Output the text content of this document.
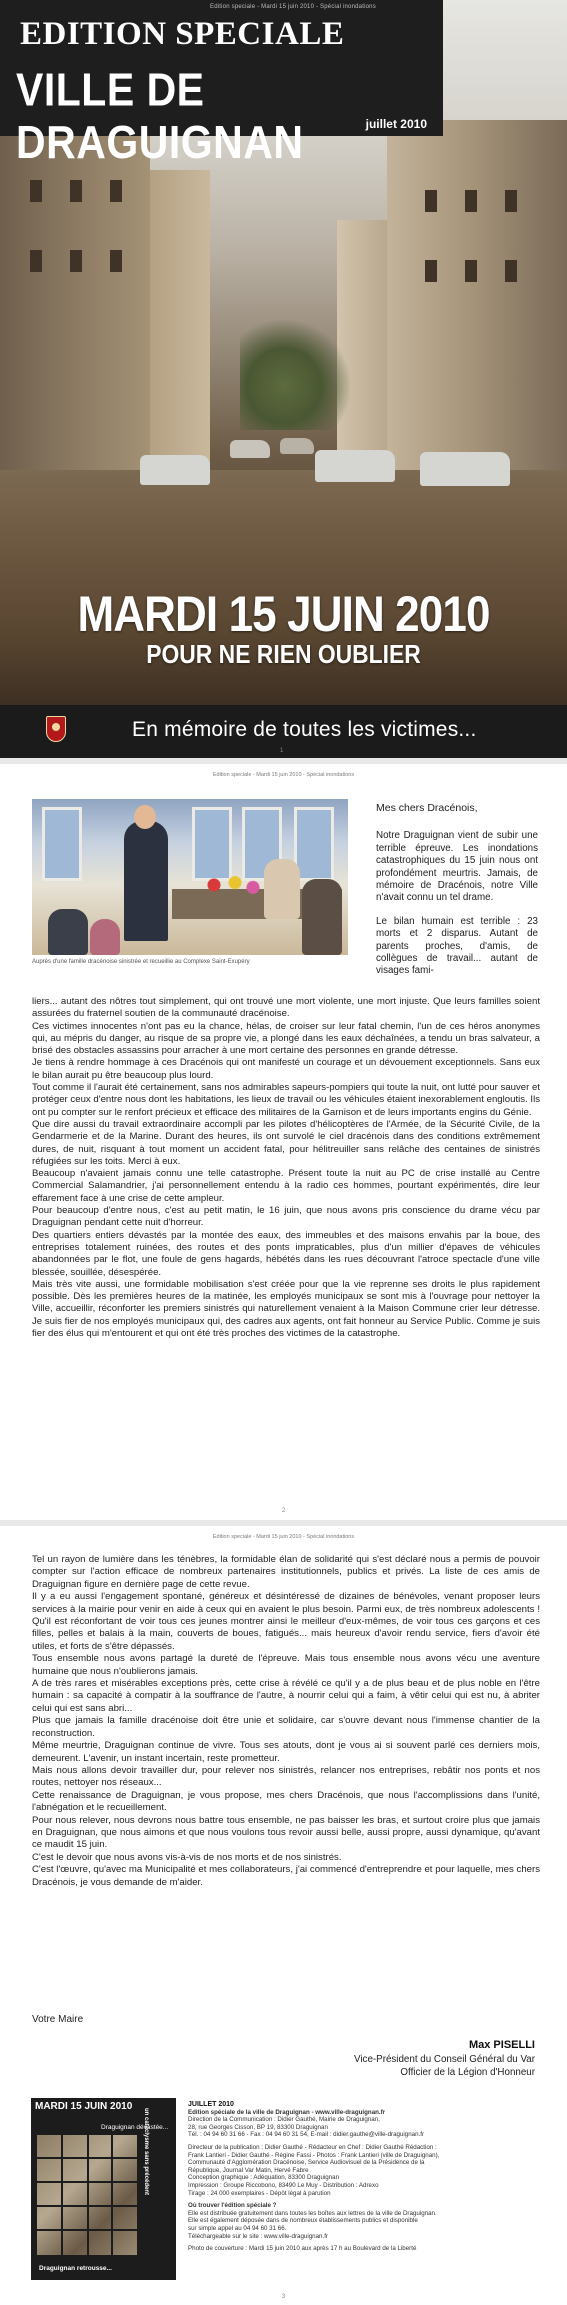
Edition speciale - Mardi 15 juin 2010 - Spécial inondations
EDITION SPECIALE
VILLE DE DRAGUIGNAN	juillet 2010
MARDI 15 JUIN 2010
POUR NE RIEN OUBLIER
En mémoire de toutes les victimes...
1
Edition speciale - Mardi 15 juin 2010 - Spécial inondations
Auprès d'une famille dracénoise sinistrée et recueillie au Complexe Saint-Exupéry

Mes chers Dracénois,

Notre Draguignan vient de subir une terrible épreuve. Les inondations catastrophiques du 15 juin nous ont profondément meurtris. Jamais, de mémoire de Dracénois, notre Ville n'avait connu un tel drame.

Le bilan humain est terrible : 23 morts et 2 disparus. Autant de parents proches, d'amis, de collègues de travail... autant de visages fami-

liers... autant des nôtres tout simplement, qui ont trouvé une mort violente, une mort injuste. Que leurs familles soient assurées du fraternel soutien de la communauté dracénoise.

Ces victimes innocentes n'ont pas eu la chance, hélas, de croiser sur leur fatal chemin, l'un de ces héros anonymes qui, au mépris du danger, au risque de sa propre vie, a plongé dans les eaux déchaînées, a tendu un bras salvateur, a brisé des obstacles assassins pour arracher à une mort certaine des personnes en grande détresse.

Je tiens à rendre hommage à ces Dracénois qui ont manifesté un courage et un dévouement exceptionnels. Sans eux le bilan aurait pu être beaucoup plus lourd.

Tout comme il l'aurait été certainement, sans nos admirables sapeurs-pompiers qui toute la nuit, ont lutté pour sauver et protéger ceux d'entre nous dont les habitations, les lieux de travail ou les véhicules étaient inexorablement engloutis. Ils ont pu compter sur le renfort précieux et efficace des militaires de la Garnison et de leurs importants engins du Génie.

Que dire aussi du travail extraordinaire accompli par les pilotes d'hélicoptères de l'Armée, de la Sécurité Civile, de la Gendarmerie et de la Marine. Durant des heures, ils ont survolé le ciel dracénois dans des conditions extrêmement dures, de nuit, risquant à tout moment un accident fatal, pour hélitreuiller sans relâche des centaines de sinistrés réfugiées sur les toits. Merci à eux.

Beaucoup n'avaient jamais connu une telle catastrophe. Présent toute la nuit au PC de crise installé au Centre Commercial Salamandrier, j'ai personnellement entendu à la radio ces hommes, pourtant expérimentés, dire leur effarement face à une crise de cette ampleur.

Pour beaucoup d'entre nous, c'est au petit matin, le 16 juin, que nous avons pris conscience du drame vécu par Draguignan pendant cette nuit d'horreur.

Des quartiers entiers dévastés par la montée des eaux, des immeubles et des maisons envahis par la boue, des entreprises totalement ruinées, des routes et des ponts impraticables, plus d'un millier d'épaves de véhicules abandonnées par le flot, une foule de gens hagards, hébétés dans les rues découvrant l'atroce spectacle d'une ville blessée, souillée, désespérée.

Mais très vite aussi, une formidable mobilisation s'est créée pour que la vie reprenne ses droits le plus rapidement possible. Dès les premières heures de la matinée, les employés municipaux se sont mis à l'ouvrage pour nettoyer la Ville, accueillir, réconforter les premiers sinistrés qui naturellement venaient à la Maison Commune crier leur détresse. Je suis fier de nos employés municipaux qui, des cadres aux agents, ont fait honneur au Service Public. Comme je suis fier des élus qui m'entourent et qui ont été très proches des victimes de la catastrophe.

2
Edition speciale - Mardi 15 juin 2010 - Spécial inondations

Tel un rayon de lumière dans les ténèbres, la formidable élan de solidarité qui s'est déclaré nous a permis de pouvoir compter sur l'action efficace de nombreux partenaires institutionnels, publics et privés. La liste de ces amis de Draguignan figure en dernière page de cette revue.

Il y a eu aussi l'engagement spontané, généreux et désintéressé de dizaines de bénévoles, venant proposer leurs services à la mairie pour venir en aide à ceux qui en avaient le plus besoin. Parmi eux, de très nombreux adolescents ! Qu'il est réconfortant de voir tous ces jeunes montrer ainsi le meilleur d'eux-mêmes, de voir tous ces garçons et ces filles, pelles et balais à la main, couverts de boues, fatigués... mais heureux d'avoir rendu service, fiers d'avoir été utiles, et forts de s'être dépassés.

Tous ensemble nous avons partagé la dureté de l'épreuve. Mais tous ensemble nous avons vécu une aventure humaine que nous n'oublierons jamais.

A de très rares et misérables exceptions près, cette crise à révélé ce qu'il y a de plus beau et de plus noble en l'être humain : sa capacité à compatir à la souffrance de l'autre, à nourrir celui qui a faim, à vêtir celui qui est nu, à abriter celui qui est sans abri...

Plus que jamais la famille dracénoise doit être unie et solidaire, car s'ouvre devant nous l'immense chantier de la reconstruction.

Même meurtrie, Draguignan continue de vivre. Tous ses atouts, dont je vous ai si souvent parlé ces derniers mois, demeurent. L'avenir, un instant incertain, reste prometteur.

Mais nous allons devoir travailler dur, pour relever nos sinistrés, relancer nos entreprises, rebâtir nos ponts et nos routes, nettoyer nos réseaux...

Cette renaissance de Draguignan, je vous propose, mes chers Dracénois, que nous l'accomplissions dans l'unité, l'abnégation et le recueillement.

Pour nous relever, nous devrons nous battre tous ensemble, ne pas baisser les bras, et surtout croire plus que jamais en Draguignan, que nous aimons et que nous voulons tous revoir aussi belle, aussi propre, aussi dynamique, qu'avant ce maudit 15 juin.

C'est le devoir que nous avons vis-à-vis de nos morts et de nos sinistrés.

C'est l'œuvre, qu'avec ma Municipalité et mes collaborateurs, j'ai commencé d'entreprendre et pour laquelle, mes chers Dracénois, je vous demande de m'aider.

Votre Maire
Max PISELLI
Vice-Président du Conseil Général du Var
Officier de la Légion d'Honneur
MARDI 15 JUIN 2010
Draguignan dévastée...
un cataclysme sans précédent
Draguignan retrousse...
JUILLET 2010
Edition spéciale de la ville de Draguignan - www.ville-draguignan.fr
Direction de la Communication : Didier Gauthé, Mairie de Draguignan,
28, rue Georges Cisson, BP 19, 83300 Draguignan
Tél. : 04 94 60 31 66 - Fax : 04 94 60 31 54, E-mail : didier.gauthe@ville-draguignan.fr
Directeur de la publication : Didier Gauthé - Rédacteur en Chef : Didier Gauthé Rédaction :
Frank Lantieri - Didier Gauthé - Régine Fassi - Photos : Frank Lantieri (ville de Draguignan),
Communauté d'Agglomération Dracénoise, Service Audiovisuel de la Présidence de la
République, Journal Var Matin, Hervé Fabre
Conception graphique : Adéquation, 83300 Draguignan
Impression : Groupe Riccobono, 83490 Le Muy - Distribution : Adrexo
Tirage : 24 000 exemplaires - Dépôt légal à parution
Où trouver l'édition spéciale ?
Elle est distribuée gratuitement dans toutes les boîtes aux lettres de la ville de Draguignan.
Elle est également déposée dans de nombreux établissements publics et disponible
sur simple appel au 04 94 60 31 66.
Téléchargeable sur le site : www.ville-draguignan.fr
Photo de couverture : Mardi 15 juin 2010 aux après 17 h au Boulevard de la Liberté
3
